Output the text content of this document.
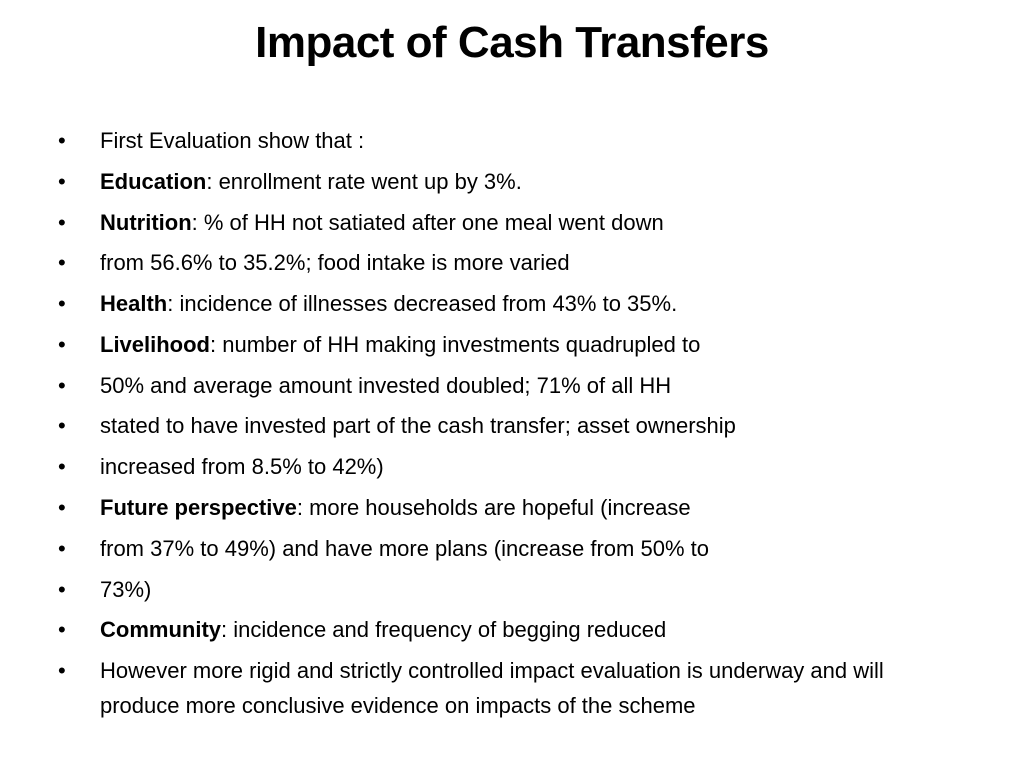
Impact of Cash Transfers
•	First Evaluation show that :
•	Education: enrollment rate went up by 3%.
•	Nutrition: % of HH not satiated after one meal went down
•	from 56.6% to 35.2%; food intake is more varied
•	Health: incidence of illnesses decreased from 43% to 35%.
•	Livelihood: number of HH making investments quadrupled to
•	50% and average amount invested doubled; 71% of all HH
•	stated to have invested part of the cash transfer; asset ownership
•	increased from 8.5% to 42%)
•	Future perspective: more households are hopeful (increase
•	from 37% to 49%) and have more plans (increase from 50% to
•	73%)
•	Community: incidence and frequency of begging reduced
•	However more rigid and strictly controlled impact evaluation is underway and will produce more conclusive evidence on impacts of the scheme
